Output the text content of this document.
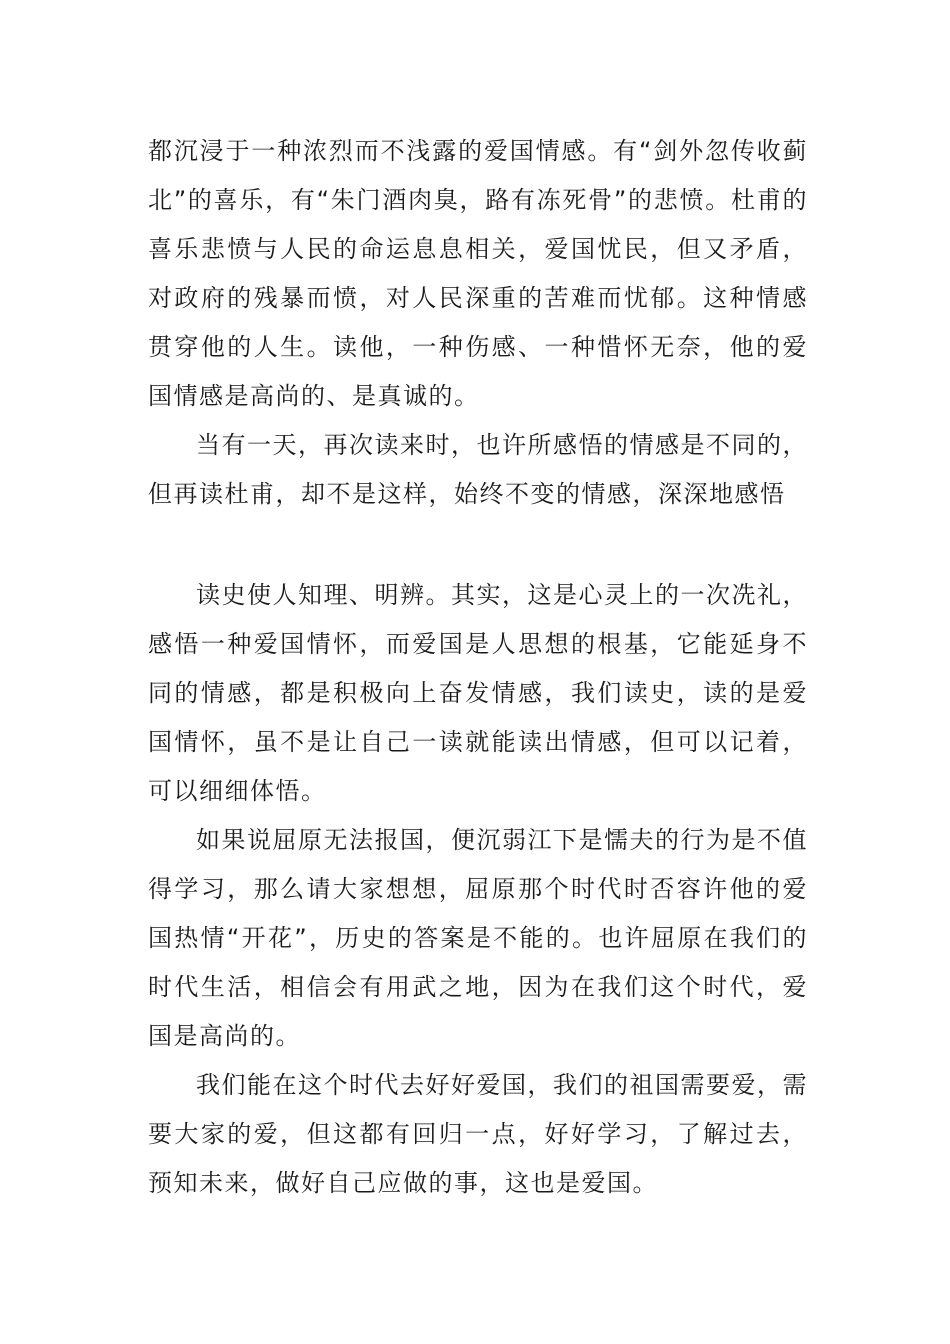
都沉浸于一种浓烈而不浅露的爱国情感。有“剑外忽传收蓟北”的喜乐，有“朱门酒肉臭，路有冻死骨”的悲愤。杜甫的喜乐悲愤与人民的命运息息相关，爱国忧民，但又矛盾，对政府的残暴而愤，对人民深重的苦难而忧郁。这种情感贯穿他的人生。读他，一种伤感、一种惜怀无奈，他的爱国情感是高尚的、是真诚的。

当有一天，再次读来时，也许所感悟的情感是不同的，但再读杜甫，却不是这样，始终不变的情感，深深地感悟

读史使人知理、明辨。其实，这是心灵上的一次冼礼，感悟一种爱国情怀，而爱国是人思想的根基，它能延身不同的情感，都是积极向上奋发情感，我们读史，读的是爱国情怀，虽不是让自己一读就能读出情感，但可以记着，可以细细体悟。

如果说屈原无法报国，便沉弱江下是懦夫的行为是不值得学习，那么请大家想想，屈原那个时代时否容许他的爱国热情“开花”，历史的答案是不能的。也许屈原在我们的时代生活，相信会有用武之地，因为在我们这个时代，爱国是高尚的。

我们能在这个时代去好好爱国，我们的祖国需要爱，需要大家的爱，但这都有回归一点，好好学习，了解过去，预知未来，做好自己应做的事，这也是爱国。
